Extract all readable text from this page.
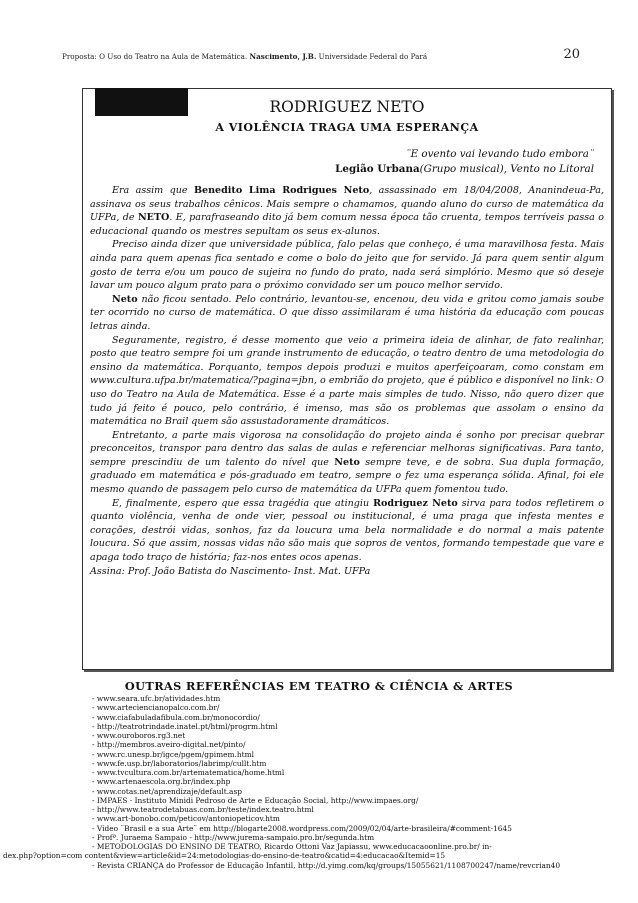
Proposta: O Uso do Teatro na Aula de Matemática. Nascimento, J.B. Universidade Federal do Pará	20
RODRIGUEZ NETO
A VIOLÊNCIA TRAGA UMA ESPERANÇA
¨E ovento vai levando tudo embora¨
Legião Urbana(Grupo musical), Vento no Litoral

Era assim que Benedito Lima Rodrigues Neto, assassinado em 18/04/2008, Ananindeua-Pa, assinava os seus trabalhos cênicos. Mais sempre o chamamos, quando aluno do curso de matemática da UFPa, de NETO. E, parafraseando dito já bem comum nessa época tão cruenta, tempos terríveis passa o educacional quando os mestres sepultam os seus ex-alunos.

Preciso ainda dizer que universidade pública, falo pelas que conheço, é uma maravilhosa festa. Mais ainda para quem apenas fica sentado e come o bolo do jeito que for servido. Já para quem sentir algum gosto de terra e/ou um pouco de sujeira no fundo do prato, nada será simplório. Mesmo que só deseje lavar um pouco algum prato para o próximo convidado ser um pouco melhor servido.

Neto não ficou sentado. Pelo contrário, levantou-se, encenou, deu vida e gritou como jamais soube ter ocorrido no curso de matemática. O que disso assimilaram é uma história da educação com poucas letras ainda.

Seguramente, registro, é desse momento que veio a primeira ideia de alinhar, de fato realinhar, posto que teatro sempre foi um grande instrumento de educação, o teatro dentro de uma metodologia do ensino da matemática. Porquanto, tempos depois produzi e muitos aperfeiçoaram, como constam em www.cultura.ufpa.br/matematica/?pagina=jbn, o embrião do projeto, que é público e disponível no link: O uso do Teatro na Aula de Matemática. Esse é a parte mais simples de tudo. Nisso, não quero dizer que tudo já feito é pouco, pelo contrário, é imenso, mas são os problemas que assolam o ensino da matemática no Brail quem são assustadoramente dramáticos.

Entretanto, a parte mais vigorosa na consolidação do projeto ainda é sonho por precisar quebrar preconceitos, transpor para dentro das salas de aulas e referenciar melhoras significativas. Para tanto, sempre prescindiu de um talento do nível que Neto sempre teve, e de sobra. Sua dupla formação, graduado em matemática e pós-graduado em teatro, sempre o fez uma esperança sólida. Afinal, foi ele mesmo quando de passagem pelo curso de matemática da UFPa quem fomentou tudo.

E, finalmente, espero que essa tragédia que atingiu Rodriguez Neto sirva para todos refletirem o quanto violência, venha de onde vier, pessoal ou institucional, é uma praga que infesta mentes e corações, destrói vidas, sonhos, faz da loucura uma bela normalidade e do normal a mais patente loucura. Só que assim, nossas vidas não são mais que sopros de ventos, formando tempestade que vare e apaga todo traço de história; faz-nos entes ocos apenas.

Assina: Prof. João Batista do Nascimento- Inst. Mat. UFPa

OUTRAS REFERÊNCIAS EM TEATRO & CIÊNCIA & ARTES
- www.seara.ufc.br/atividades.htm
- www.arteciencianopalco.com.br/
- www.ciafabuladafibula.com.br/monocordio/
- http://teatrotrindade.inatel.pt/html/progrm.html
- www.ouroboros.rg3.net
- http://membros.aveiro-digital.net/pinto/
- www.rc.unesp.br/igce/pgem/gpimem.html
- www.fe.usp.br/laboratorios/labrimp/cullt.htm
- www.tvcultura.com.br/artematematica/home.html
- www.artenaescola.org.br/index.php
- www.cotas.net/aprendizaje/default.asp
- IMPAES - Instituto Minidi Pedroso de Arte e Educação Social, http://www.impaes.org/
- http://www.teatrodetabuas.com.br/teste/index.teatro.html
- www.art-bonobo.com/peticov/antoniopeticov.htm
- Vídeo ¨Brasil e a sua Arte¨ em http://blogarte2008.wordpress.com/2009/02/04/arte-brasileira/#comment-1645
- Profª. Juraema Sampaio - http://www.jurema-sampaio.pro.br/segunda.htm
- METODOLOGIAS DO ENSINO DE TEATRO, Ricardo Ottoni Vaz Japiassu, www.educacaoonline.pro.br/ in-
dex.php?option=com content&view=article&id=24:metodologias-do-ensino-de-teatro&catid=4:educacao&Itemid=15
- Revista CRIANÇA do Professor de Educação Infantil, http://d.yimg.com/kq/groups/15055621/1108700247/name/revcrian40
